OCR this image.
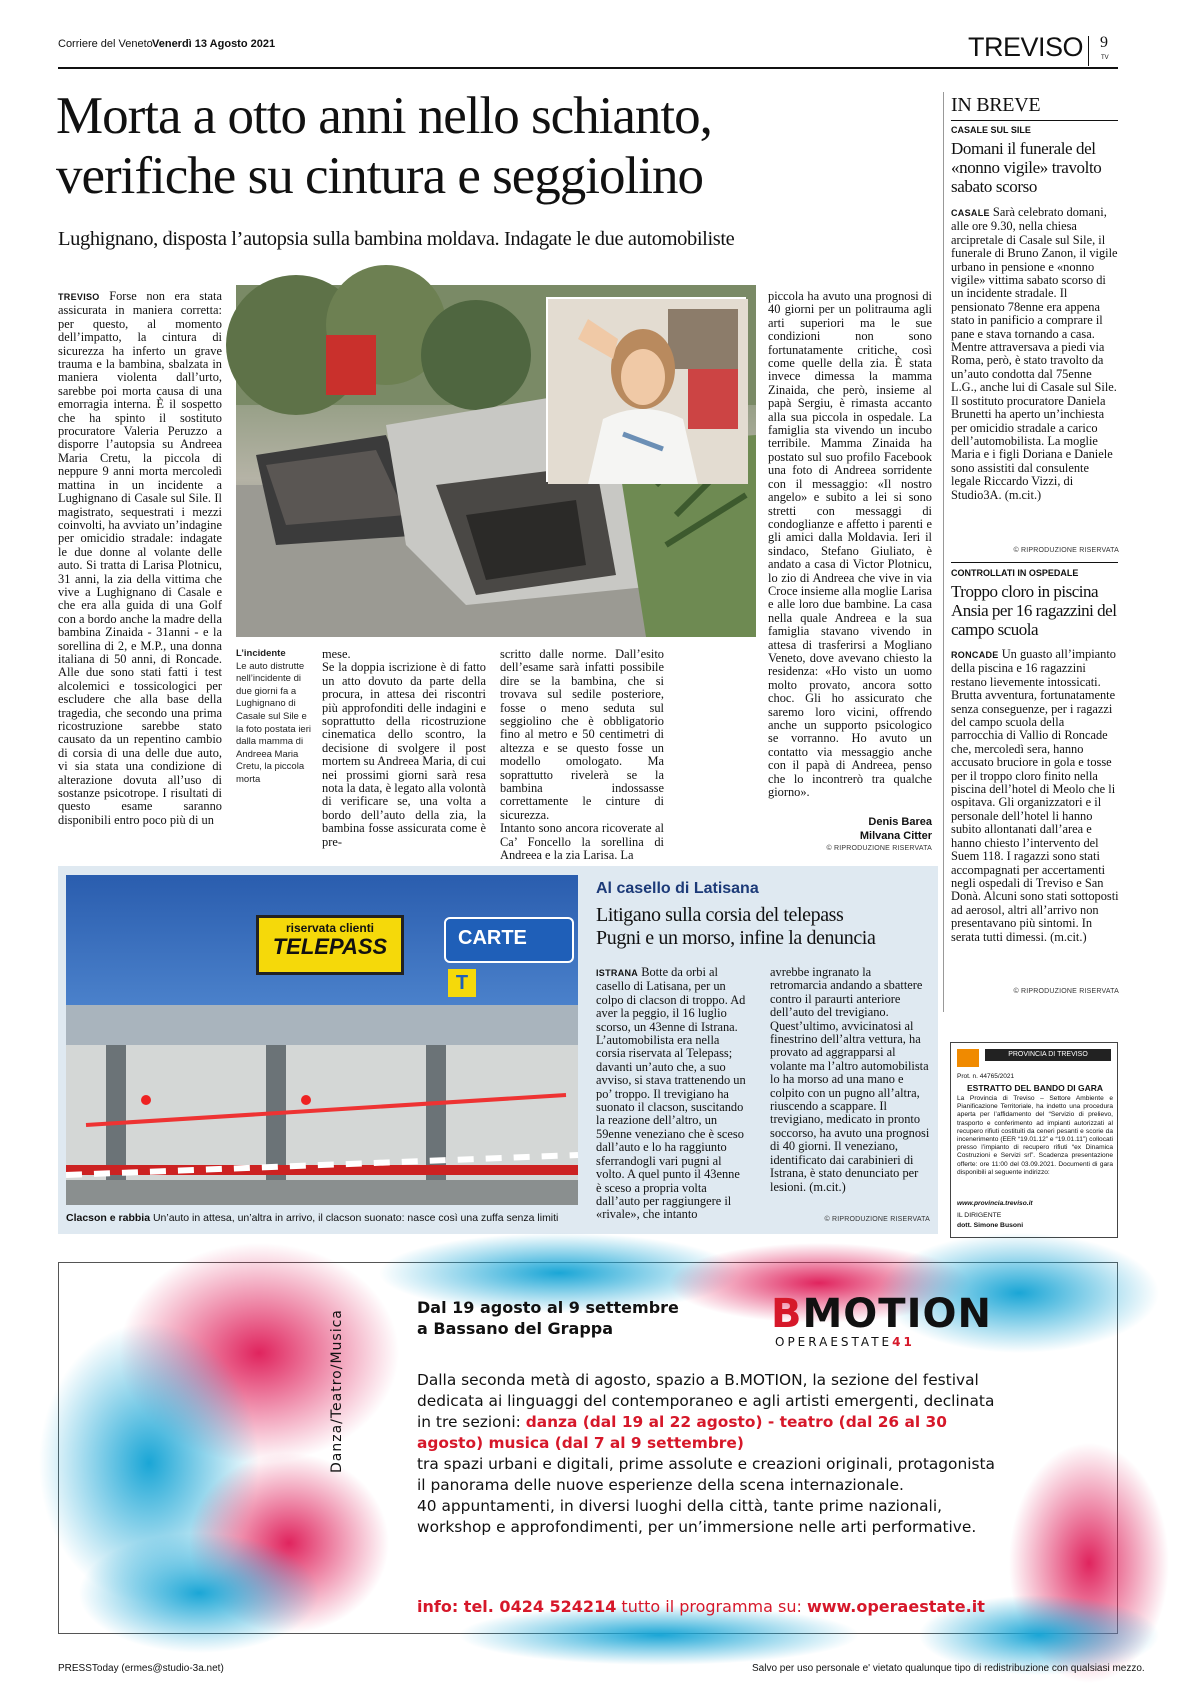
Corriere del Veneto Venerdì 13 Agosto 2021	TREVISO 9
TV
Morta a otto anni nello schianto,
verifiche su cintura e seggiolino
Lughignano, disposta l’autopsia sulla bambina moldava. Indagate le due automobiliste
TREVISO Forse non era stata assicurata in maniera corretta: per questo, al momento dell’impatto, la cintura di sicurezza ha inferto un grave trauma e la bambina, sbalzata in maniera violenta dall’urto, sarebbe poi morta causa di una emorragia interna. È il sospetto che ha spinto il sostituto procuratore Valeria Peruzzo a disporre l’autopsia su Andreea Maria Cretu, la piccola di neppure 9 anni morta mercoledì mattina in un incidente a Lughignano di Casale sul Sile. Il magistrato, sequestrati i mezzi coinvolti, ha avviato un’indagine per omicidio stradale: indagate le due donne al volante delle auto. Si tratta di Larisa Plotnicu, 31 anni, la zia della vittima che vive a Lughignano di Casale e che era alla guida di una Golf con a bordo anche la madre della bambina Zinaida - 31anni - e la sorellina di 2, e M.P., una donna italiana di 50 anni, di Roncade. Alle due sono stati fatti i test alcolemici e tossicologici per escludere che alla base della tragedia, che secondo una prima ricostruzione sarebbe stato causato da un repentino cambio di corsia di una delle due auto, vi sia stata una condizione di alterazione dovuta all’uso di sostanze psicotrope. I risultati di questo esame saranno disponibili entro poco più di un
L’incidente
Le auto distrutte nell’incidente di due giorni fa a Lughignano di Casale sul Sile e la foto postata ieri dalla mamma di Andreea Maria Cretu, la piccola morta
mese.
Se la doppia iscrizione è di fatto un atto dovuto da parte della procura, in attesa dei riscontri più approfonditi delle indagini e soprattutto della ricostruzione cinematica dello scontro, la decisione di svolgere il post mortem su Andreea Maria, di cui nei prossimi giorni sarà resa nota la data, è legato alla volontà di verificare se, una volta a bordo dell’auto della zia, la bambina fosse assicurata come è pre-
scritto dalle norme. Dall’esito dell’esame sarà infatti possibile dire se la bambina, che si trovava sul sedile posteriore, fosse o meno seduta sul seggiolino che è obbligatorio fino al metro e 50 centimetri di altezza e se questo fosse un modello omologato. Ma soprattutto rivelerà se la bambina indossasse correttamente le cinture di sicurezza.
Intanto sono ancora ricoverate al Ca’ Foncello la sorellina di Andreea e la zia Larisa. La
piccola ha avuto una prognosi di 40 giorni per un politrauma agli arti superiori ma le sue condizioni non sono fortunatamente critiche, così come quelle della zia. È stata invece dimessa la mamma Zinaida, che però, insieme al papà Sergiu, è rimasta accanto alla sua piccola in ospedale. La famiglia sta vivendo un incubo terribile. Mamma Zinaida ha postato sul suo profilo Facebook una foto di Andreea sorridente con il messaggio: «Il nostro angelo» e subito a lei si sono stretti con messaggi di condoglianze e affetto i parenti e gli amici dalla Moldavia. Ieri il sindaco, Stefano Giuliato, è andato a casa di Victor Plotnicu, lo zio di Andreea che vive in via Croce insieme alla moglie Larisa e alle loro due bambine. La casa nella quale Andreea e la sua famiglia stavano vivendo in attesa di trasferirsi a Mogliano Veneto, dove avevano chiesto la residenza: «Ho visto un uomo molto provato, ancora sotto choc. Gli ho assicurato che saremo loro vicini, offrendo anche un supporto psicologico se vorranno. Ho avuto un contatto via messaggio anche con il papà di Andreea, penso che lo incontrerò tra qualche giorno».
Denis Barea
Milvana Citter
© RIPRODUZIONE RISERVATA
IN BREVE
CASALE SUL SILE
Domani il funerale del «nonno vigile» travolto sabato scorso
CASALE Sarà celebrato domani, alle ore 9.30, nella chiesa arcipretale di Casale sul Sile, il funerale di Bruno Zanon, il vigile urbano in pensione e «nonno vigile» vittima sabato scorso di un incidente stradale. Il pensionato 78enne era appena stato in panificio a comprare il pane e stava tornando a casa. Mentre attraversava a piedi via Roma, però, è stato travolto da un’auto condotta dal 75enne L.G., anche lui di Casale sul Sile. Il sostituto procuratore Daniela Brunetti ha aperto un’inchiesta per omicidio stradale a carico dell’automobilista. La moglie Maria e i figli Doriana e Daniele sono assistiti dal consulente legale Riccardo Vizzi, di Studio3A. (m.cit.)
© RIPRODUZIONE RISERVATA
CONTROLLATI IN OSPEDALE
Troppo cloro in piscina Ansia per 16 ragazzini del campo scuola
RONCADE Un guasto all’impianto della piscina e 16 ragazzini restano lievemente intossicati. Brutta avventura, fortunatamente senza conseguenze, per i ragazzi del campo scuola della parrocchia di Vallio di Roncade che, mercoledì sera, hanno accusato bruciore in gola e tosse per il troppo cloro finito nella piscina dell’hotel di Meolo che li ospitava. Gli organizzatori e il personale dell’hotel li hanno subito allontanati dall’area e hanno chiesto l’intervento del Suem 118. I ragazzi sono stati accompagnati per accertamenti negli ospedali di Treviso e San Donà. Alcuni sono stati sottoposti ad aerosol, altri all’arrivo non presentavano più sintomi. In serata tutti dimessi. (m.cit.)
© RIPRODUZIONE RISERVATA
riservata clienti
TELEPASS	CARTE
T
Clacson e rabbia Un’auto in attesa, un’altra in arrivo, il clacson suonato: nasce così una zuffa senza limiti
Al casello di Latisana
Litigano sulla corsia del telepass
Pugni e un morso, infine la denuncia
ISTRANA Botte da orbi al casello di Latisana, per un colpo di clacson di troppo. Ad aver la peggio, il 16 luglio scorso, un 43enne di Istrana. L’automobilista era nella corsia riservata al Telepass; davanti un’auto che, a suo avviso, si stava trattenendo un po’ troppo. Il trevigiano ha suonato il clacson, suscitando la reazione dell’altro, un 59enne veneziano che è sceso dall’auto e lo ha raggiunto sferrandogli vari pugni al volto. A quel punto il 43enne è sceso a propria volta dall’auto per raggiungere il «rivale», che intanto
avrebbe ingranato la retromarcia andando a sbattere contro il paraurti anteriore dell’auto del trevigiano. Quest’ultimo, avvicinatosi al finestrino dell’altra vettura, ha provato ad aggrapparsi al volante ma l’altro automobilista lo ha morso ad una mano e colpito con un pugno all’altra, riuscendo a scappare. Il trevigiano, medicato in pronto soccorso, ha avuto una prognosi di 40 giorni. Il veneziano, identificato dai carabinieri di Istrana, è stato denunciato per lesioni. (m.cit.)
© RIPRODUZIONE RISERVATA
PROVINCIA DI TREVISO
Prot. n. 44765/2021
ESTRATTO DEL BANDO DI GARA
La Provincia di Treviso – Settore Ambiente e Pianificazione Territoriale, ha indetto una procedura aperta per l’affidamento del “Servizio di prelievo, trasporto e conferimento ad impianti autorizzati al recupero rifiuti costituiti da ceneri pesanti e scorie da incenerimento (EER “19.01.12” e “19.01.11”) collocati presso l’impianto di recupero rifiuti “ex Dinamica Costruzioni e Servizi srl”. Scadenza presentazione offerte: ore 11:00 del 03.09.2021. Documenti di gara disponibili al seguente indirizzo:
www.provincia.treviso.it
IL DIRIGENTE
dott. Simone Busoni
Danza/Teatro/Musica
Dal 19 agosto al 9 settembre
a Bassano del Grappa	BMOTION
OPERAESTATE41
Dalla seconda metà di agosto, spazio a B.MOTION, la sezione del festival dedicata ai linguaggi del contemporaneo e agli artisti emergenti, declinata in tre sezioni: danza (dal 19 al 22 agosto) - teatro (dal 26 al 30 agosto) musica (dal 7 al 9 settembre)
tra spazi urbani e digitali, prime assolute e creazioni originali, protagonista il panorama delle nuove esperienze della scena internazionale.
40 appuntamenti, in diversi luoghi della città, tante prime nazionali, workshop e approfondimenti, per un’immersione nelle arti performative.
info: tel. 0424 524214 tutto il programma su: www.operaestate.it
PRESSToday (ermes@studio-3a.net)	Salvo per uso personale e' vietato qualunque tipo di redistribuzione con qualsiasi mezzo.
